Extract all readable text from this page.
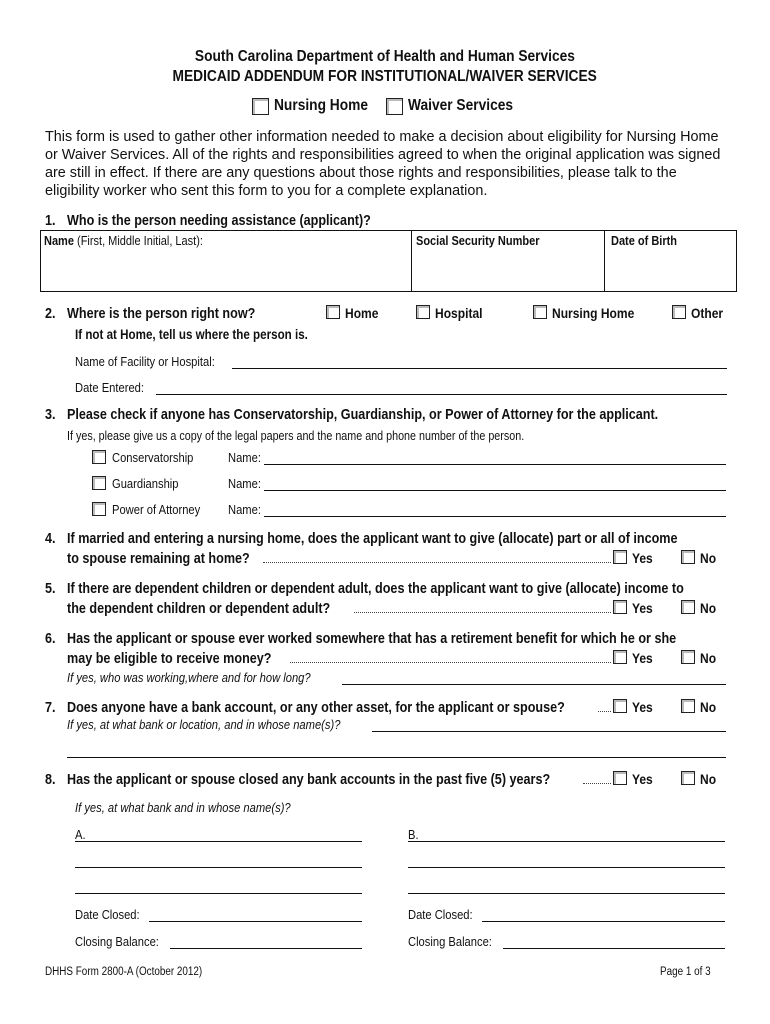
South Carolina Department of Health and Human Services
MEDICAID ADDENDUM FOR INSTITUTIONAL/WAIVER SERVICES
Nursing Home Waiver Services
This form is used to gather other information needed to make a decision about eligibility for Nursing Home or Waiver Services. All of the rights and responsibilities agreed to when the original application was signed are still in effect. If there are any questions about those rights and responsibilities, please talk to the eligibility worker who sent this form to you for a complete explanation.
1. Who is the person needing assistance (applicant)?
Name (First, Middle Initial, Last):	Social Security Number	Date of Birth
2. Where is the person right now?	Home	Hospital	Nursing Home	Other
If not at Home, tell us where the person is.
Name of Facility or Hospital:
Date Entered:
3. Please check if anyone has Conservatorship, Guardianship, or Power of Attorney for the applicant.
If yes, please give us a copy of the legal papers and the name and phone number of the person.
Conservatorship	Name:
Guardianship	Name:
Power of Attorney Name:
4. If married and entering a nursing home, does the applicant want to give (allocate) part or all of income
to spouse remaining at home?	Yes	No
5. If there are dependent children or dependent adult, does the applicant want to give (allocate) income to
the dependent children or dependent adult?	Yes	No
6. Has the applicant or spouse ever worked somewhere that has a retirement benefit for which he or she
may be eligible to receive money?	Yes	No
If yes, who was working,where and for how long?
7. Does anyone have a bank account, or any other asset, for the applicant or spouse?	Yes	No
If yes, at what bank or location, and in whose name(s)?
8. Has the applicant or spouse closed any bank accounts in the past five (5) years?	Yes	No
If yes, at what bank and in whose name(s)?
A.	B.
Date Closed:	Date Closed:
Closing Balance:	Closing Balance:
DHHS Form 2800-A (October 2012)	Page 1 of 3
